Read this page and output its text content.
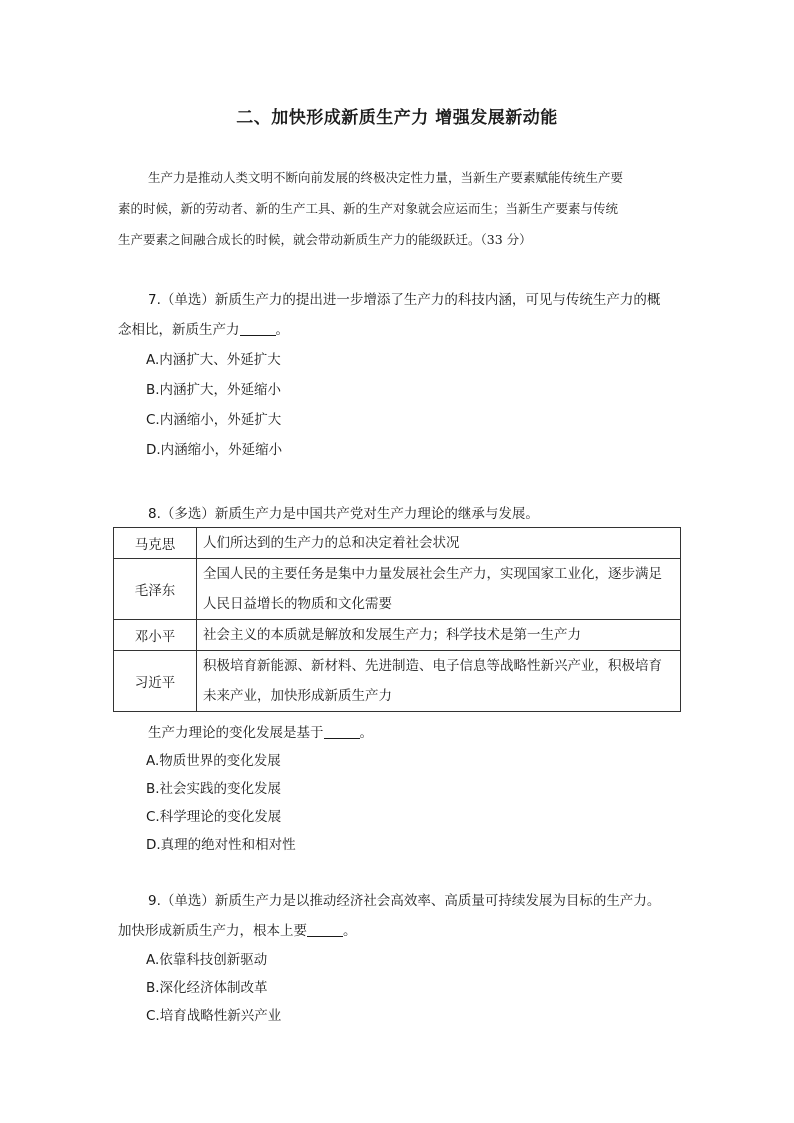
二、加快形成新质生产力 增强发展新动能

生产力是推动人类文明不断向前发展的终极决定性力量，当新生产要素赋能传统生产要

素的时候，新的劳动者、新的生产工具、新的生产对象就会应运而生；当新生产要素与传统

生产要素之间融合成长的时候，就会带动新质生产力的能级跃迁。（33 分）

7.（单选）新质生产力的提出进一步增添了生产力的科技内涵，可见与传统生产力的概

念相比，新质生产力	。

A.内涵扩大、外延扩大

B.内涵扩大，外延缩小

C.内涵缩小，外延扩大

D.内涵缩小，外延缩小

8.（多选）新质生产力是中国共产党对生产力理论的继承与发展。

马克思	人们所达到的生产力的总和决定着社会状况

毛泽东	全国人民的主要任务是集中力量发展社会生产力，实现国家工业化，逐步满足
人民日益增长的物质和文化需要

邓小平	社会主义的本质就是解放和发展生产力；科学技术是第一生产力

习近平	积极培育新能源、新材料、先进制造、电子信息等战略性新兴产业，积极培育
未来产业，加快形成新质生产力

生产力理论的变化发展是基于	。

A.物质世界的变化发展

B.社会实践的变化发展

C.科学理论的变化发展

D.真理的绝对性和相对性

9.（单选）新质生产力是以推动经济社会高效率、高质量可持续发展为目标的生产力。

加快形成新质生产力，根本上要	。

A.依靠科技创新驱动

B.深化经济体制改革

C.培育战略性新兴产业
